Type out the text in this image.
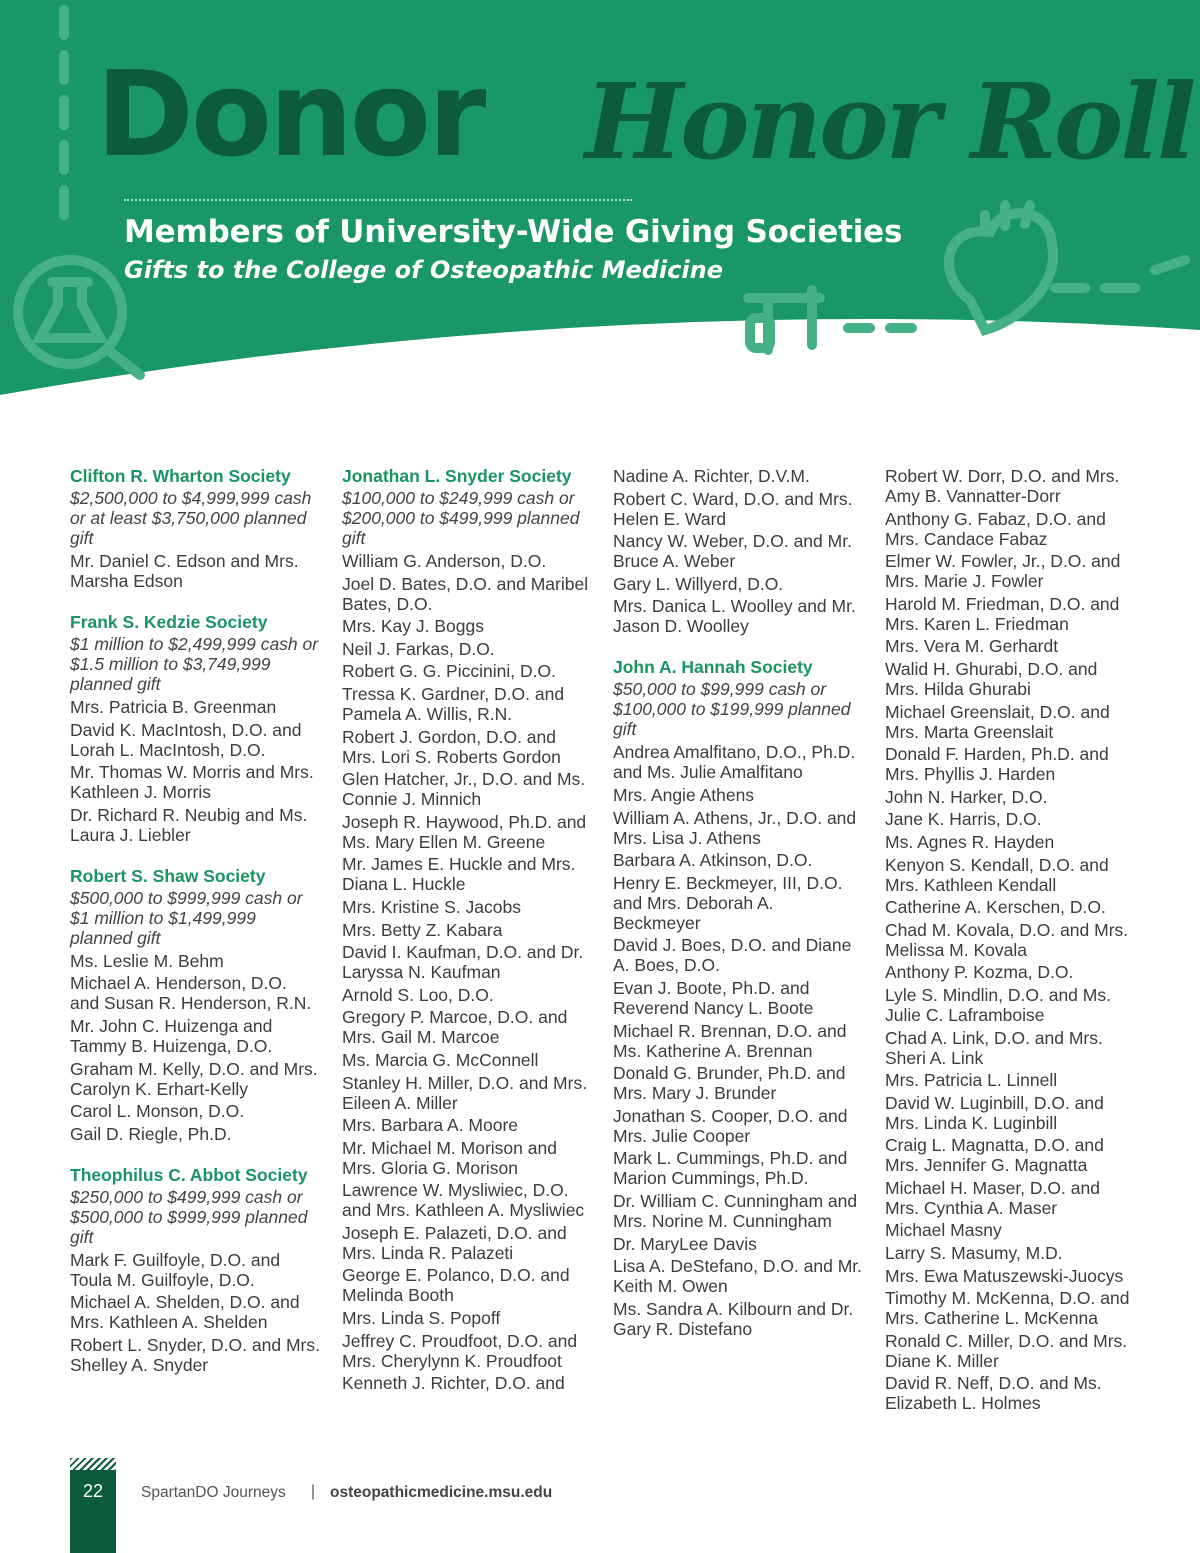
Donor Honor Roll
Members of University-Wide Giving Societies
Gifts to the College of Osteopathic Medicine
Clifton R. Wharton Society
$2,500,000 to $4,999,999 cash or at least $3,750,000 planned gift
Mr. Daniel C. Edson and Mrs. Marsha Edson
Frank S. Kedzie Society
$1 million to $2,499,999 cash or $1.5 million to $3,749,999 planned gift
Mrs. Patricia B. Greenman
David K. MacIntosh, D.O. and Lorah L. MacIntosh, D.O.
Mr. Thomas W. Morris and Mrs. Kathleen J. Morris
Dr. Richard R. Neubig and Ms. Laura J. Liebler
Robert S. Shaw Society
$500,000 to $999,999 cash or $1 million to $1,499,999 planned gift
Ms. Leslie M. Behm
Michael A. Henderson, D.O. and Susan R. Henderson, R.N.
Mr. John C. Huizenga and Tammy B. Huizenga, D.O.
Graham M. Kelly, D.O. and Mrs. Carolyn K. Erhart-Kelly
Carol L. Monson, D.O.
Gail D. Riegle, Ph.D.
Theophilus C. Abbot Society
$250,000 to $499,999 cash or $500,000 to $999,999 planned gift
Mark F. Guilfoyle, D.O. and Toula M. Guilfoyle, D.O.
Michael A. Shelden, D.O. and Mrs. Kathleen A. Shelden
Robert L. Snyder, D.O. and Mrs. Shelley A. Snyder
Jonathan L. Snyder Society
$100,000 to $249,999 cash or $200,000 to $499,999 planned gift
William G. Anderson, D.O.
Joel D. Bates, D.O. and Maribel Bates, D.O.
Mrs. Kay J. Boggs
Neil J. Farkas, D.O.
Robert G. G. Piccinini, D.O.
Tressa K. Gardner, D.O. and Pamela A. Willis, R.N.
Robert J. Gordon, D.O. and Mrs. Lori S. Roberts Gordon
Glen Hatcher, Jr., D.O. and Ms. Connie J. Minnich
Joseph R. Haywood, Ph.D. and Ms. Mary Ellen M. Greene
Mr. James E. Huckle and Mrs. Diana L. Huckle
Mrs. Kristine S. Jacobs
Mrs. Betty Z. Kabara
David I. Kaufman, D.O. and Dr. Laryssa N. Kaufman
Arnold S. Loo, D.O.
Gregory P. Marcoe, D.O. and Mrs. Gail M. Marcoe
Ms. Marcia G. McConnell
Stanley H. Miller, D.O. and Mrs. Eileen A. Miller
Mrs. Barbara A. Moore
Mr. Michael M. Morison and Mrs. Gloria G. Morison
Lawrence W. Mysliwiec, D.O. and Mrs. Kathleen A. Mysliwiec
Joseph E. Palazeti, D.O. and Mrs. Linda R. Palazeti
George E. Polanco, D.O. and Melinda Booth
Mrs. Linda S. Popoff
Jeffrey C. Proudfoot, D.O. and Mrs. Cherylynn K. Proudfoot
Kenneth J. Richter, D.O. and
Nadine A. Richter, D.V.M.
Robert C. Ward, D.O. and Mrs. Helen E. Ward
Nancy W. Weber, D.O. and Mr. Bruce A. Weber
Gary L. Willyerd, D.O.
Mrs. Danica L. Woolley and Mr. Jason D. Woolley
John A. Hannah Society
$50,000 to $99,999 cash or $100,000 to $199,999 planned gift
Andrea Amalfitano, D.O., Ph.D. and Ms. Julie Amalfitano
Mrs. Angie Athens
William A. Athens, Jr., D.O. and Mrs. Lisa J. Athens
Barbara A. Atkinson, D.O.
Henry E. Beckmeyer, III, D.O. and Mrs. Deborah A. Beckmeyer
David J. Boes, D.O. and Diane A. Boes, D.O.
Evan J. Boote, Ph.D. and Reverend Nancy L. Boote
Michael R. Brennan, D.O. and Ms. Katherine A. Brennan
Donald G. Brunder, Ph.D. and Mrs. Mary J. Brunder
Jonathan S. Cooper, D.O. and Mrs. Julie Cooper
Mark L. Cummings, Ph.D. and Marion Cummings, Ph.D.
Dr. William C. Cunningham and Mrs. Norine M. Cunningham
Dr. MaryLee Davis
Lisa A. DeStefano, D.O. and Mr. Keith M. Owen
Ms. Sandra A. Kilbourn and Dr. Gary R. Distefano
Robert W. Dorr, D.O. and Mrs. Amy B. Vannatter-Dorr
Anthony G. Fabaz, D.O. and Mrs. Candace Fabaz
Elmer W. Fowler, Jr., D.O. and Mrs. Marie J. Fowler
Harold M. Friedman, D.O. and Mrs. Karen L. Friedman
Mrs. Vera M. Gerhardt
Walid H. Ghurabi, D.O. and Mrs. Hilda Ghurabi
Michael Greenslait, D.O. and Mrs. Marta Greenslait
Donald F. Harden, Ph.D. and Mrs. Phyllis J. Harden
John N. Harker, D.O.
Jane K. Harris, D.O.
Ms. Agnes R. Hayden
Kenyon S. Kendall, D.O. and Mrs. Kathleen Kendall
Catherine A. Kerschen, D.O.
Chad M. Kovala, D.O. and Mrs. Melissa M. Kovala
Anthony P. Kozma, D.O.
Lyle S. Mindlin, D.O. and Ms. Julie C. Laframboise
Chad A. Link, D.O. and Mrs. Sheri A. Link
Mrs. Patricia L. Linnell
David W. Luginbill, D.O. and Mrs. Linda K. Luginbill
Craig L. Magnatta, D.O. and Mrs. Jennifer G. Magnatta
Michael H. Maser, D.O. and Mrs. Cynthia A. Maser
Michael Masny
Larry S. Masumy, M.D.
Mrs. Ewa Matuszewski-Juocys
Timothy M. McKenna, D.O. and Mrs. Catherine L. McKenna
Ronald C. Miller, D.O. and Mrs. Diane K. Miller
David R. Neff, D.O. and Ms. Elizabeth L. Holmes
22	SpartanDO Journeys | osteopathicmedicine.msu.edu
